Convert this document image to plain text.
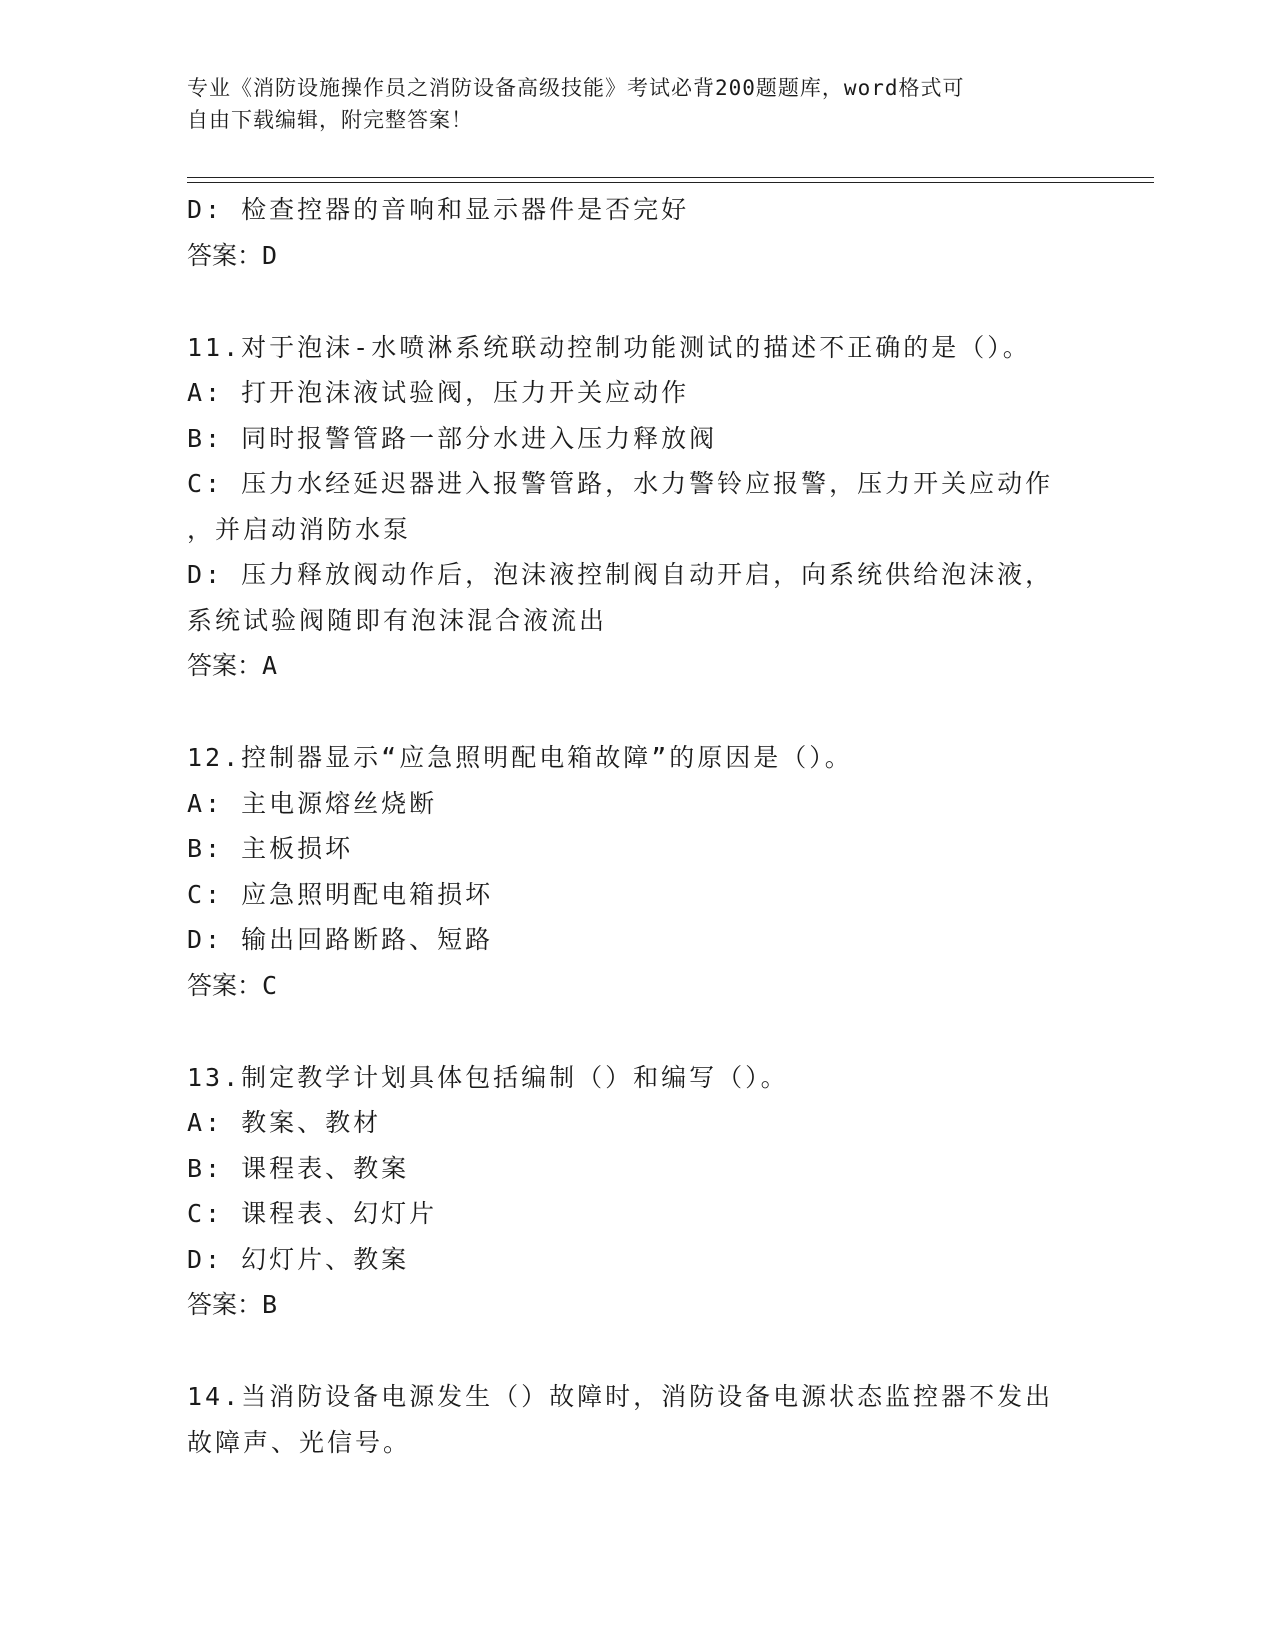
专业《消防设施操作员之消防设备高级技能》考试必背200题题库，word格式可
自由下载编辑，附完整答案！
D: 检查控器的音响和显示器件是否完好
答案：D
11.对于泡沫-水喷淋系统联动控制功能测试的描述不正确的是（）。
A: 打开泡沫液试验阀，压力开关应动作
B: 同时报警管路一部分水进入压力释放阀
C: 压力水经延迟器进入报警管路，水力警铃应报警，压力开关应动作
，并启动消防水泵
D: 压力释放阀动作后，泡沫液控制阀自动开启，向系统供给泡沫液，
系统试验阀随即有泡沫混合液流出
答案：A
12.控制器显示“应急照明配电箱故障”的原因是（）。
A: 主电源熔丝烧断
B: 主板损坏
C: 应急照明配电箱损坏
D: 输出回路断路、短路
答案：C
13.制定教学计划具体包括编制（）和编写（）。
A: 教案、教材
B: 课程表、教案
C: 课程表、幻灯片
D: 幻灯片、教案
答案：B
14.当消防设备电源发生（）故障时，消防设备电源状态监控器不发出
故障声、光信号。
